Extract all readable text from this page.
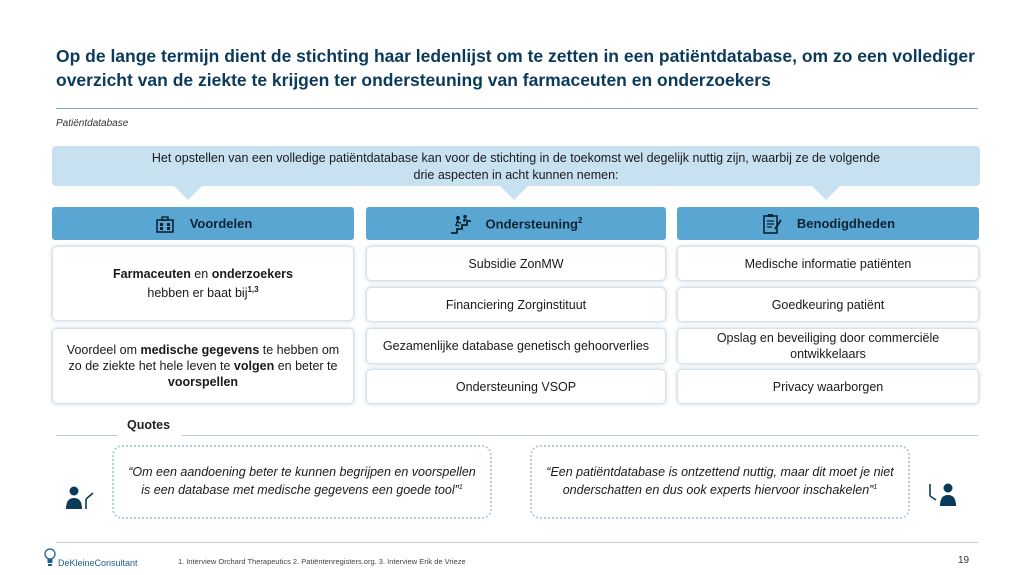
Op de lange termijn dient de stichting haar ledenlijst om te zetten in een patiëntdatabase, om zo een vollediger overzicht van de ziekte te krijgen ter ondersteuning van farmaceuten en onderzoekers
Patiëntdatabase
Het opstellen van een volledige patiëntdatabase kan voor de stichting in de toekomst wel degelijk nuttig zijn, waarbij ze de volgende
drie aspecten in acht kunnen nemen:
Voordelen	Ondersteuning$^2$	Benodigdheden
Farmaceuten en onderzoekers
hebben er baat bij$^{1,3}$
Voordeel om medische gegevens te hebben om zo de ziekte het hele leven te volgen en beter te voorspellen
Subsidie ZonMW
Financiering Zorginstituut
Gezamenlijke database genetisch gehoorverlies
Ondersteuning VSOP
Medische informatie patiënten
Goedkeuring patiënt
Opslag en beveiliging door commerciële ontwikkelaars
Privacy waarborgen
Quotes
“Om een aandoening beter te kunnen begrijpen en voorspellen is een database met medische gegevens een goede tool”$^1$
“Een patiëntdatabase is ontzettend nuttig, maar dit moet je niet onderschatten en dus ook experts hiervoor inschakelen”$^1$
DeKleineConsultant	1. Interview Orchard Therapeutics 2. Patiëntenregisters.org. 3. Interview Erik de Vrieze	19
